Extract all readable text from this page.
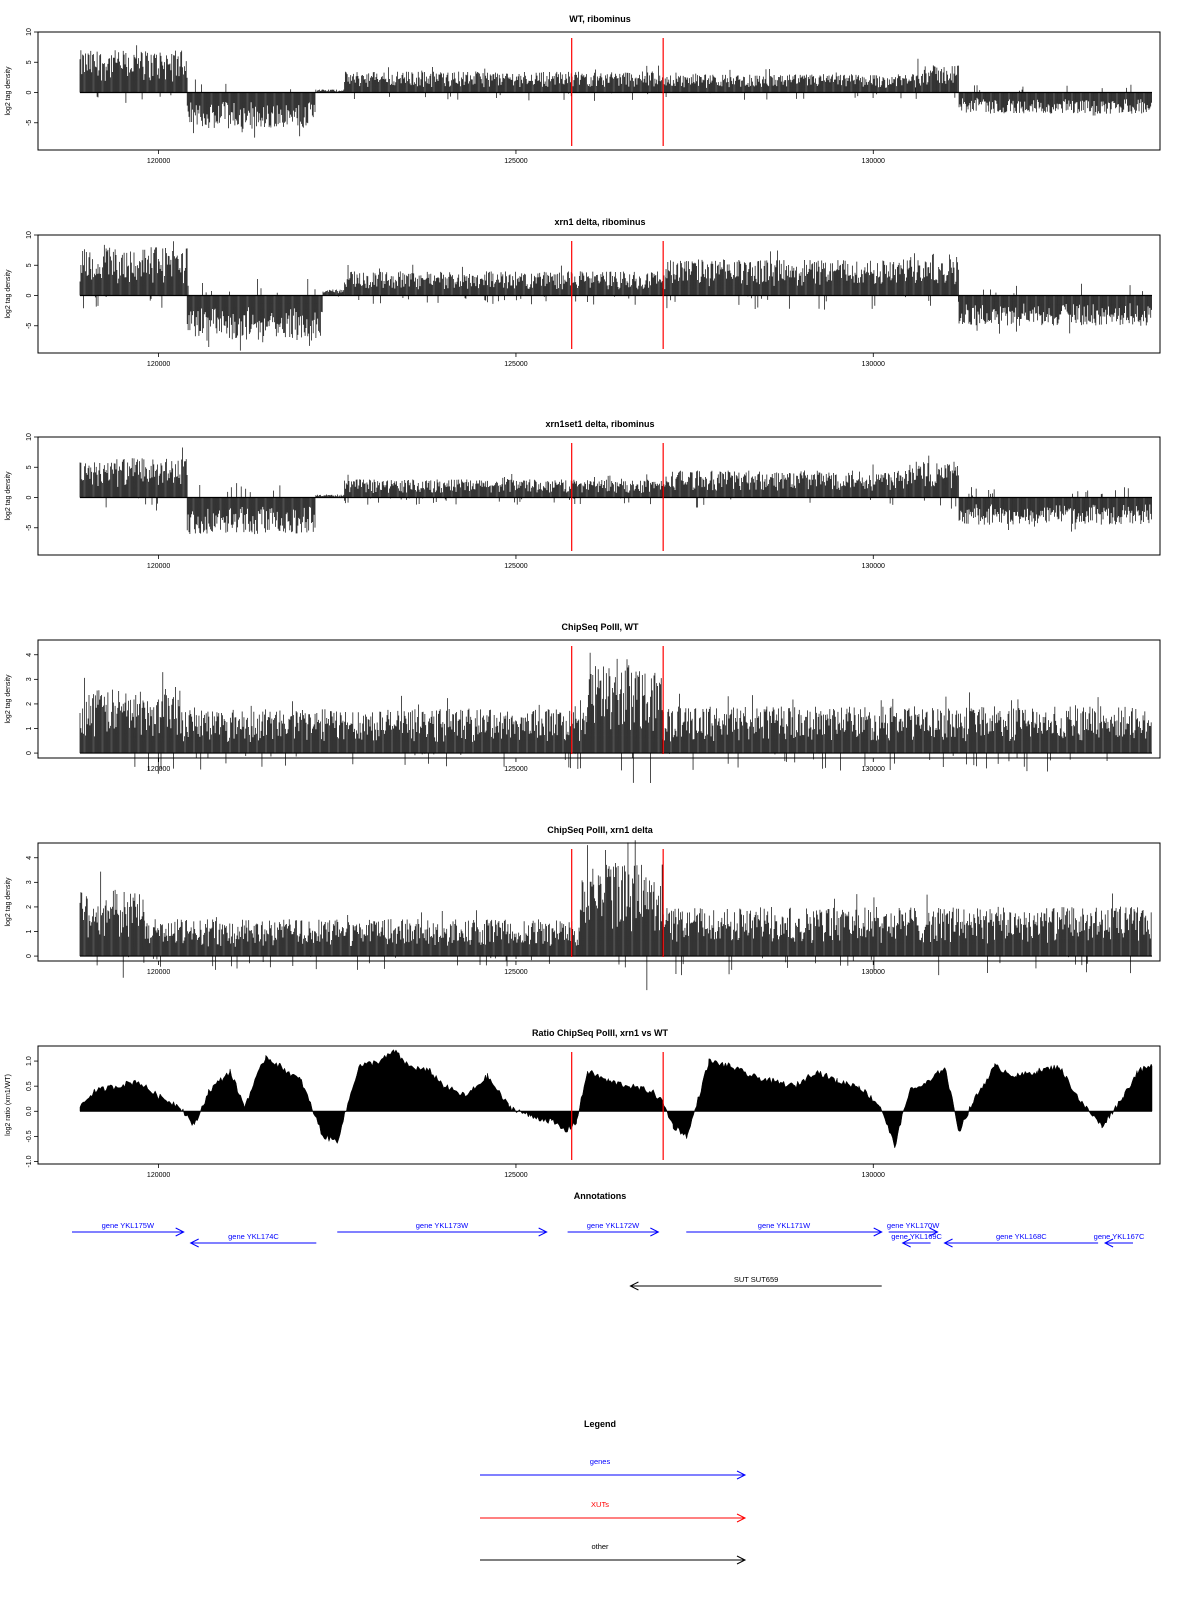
WT, ribominus
-5
0
5
10
log2 tag density
120000	125000	130000
xrn1 delta, ribominus
-5
0
5
10
log2 tag density
120000	125000	130000
xrn1set1 delta, ribominus
-5
0
5
10
log2 tag density
120000	125000	130000
ChipSeq PolII, WT
0
1
2
3
4
log2 tag density
120000	125000	130000
ChipSeq PolII, xrn1 delta
0
1
2
3
4
log2 tag density
120000	125000	130000
Ratio ChipSeq PolII, xrn1 vs WT
-1.0
-0.5
0.0
0.5
1.0
log2 ratio (xrn1/WT)
120000	125000	130000
Annotations
gene YKL175W
gene YKL174C
gene YKL173W	gene YKL172W	gene YKL171W	gene YKL170W
gene YKL169C	gene YKL168C	gene YKL167C
SUT SUT659
Legend
genes
XUTs
other
